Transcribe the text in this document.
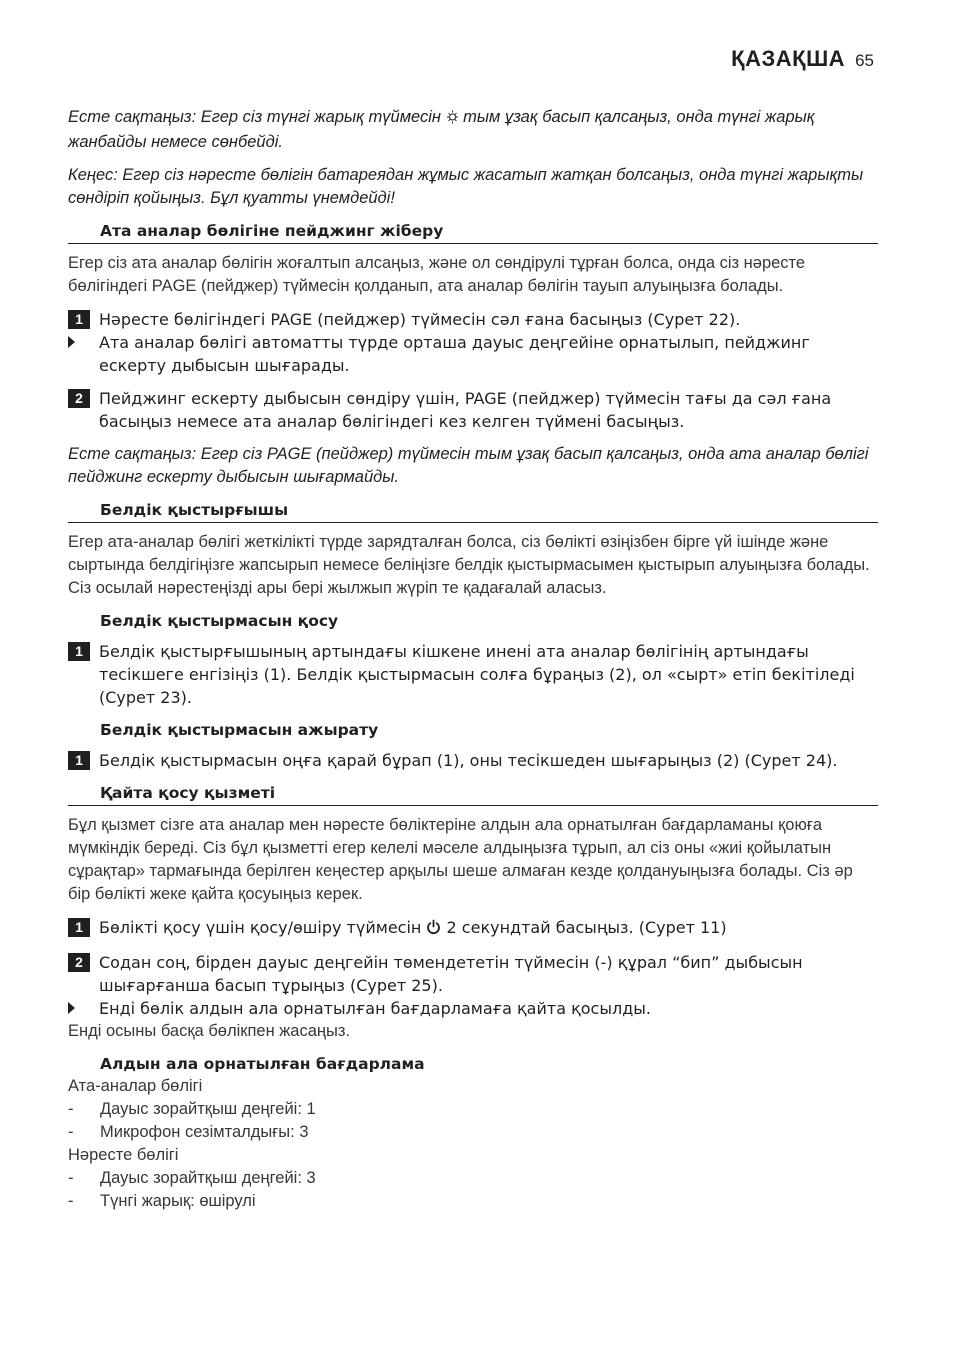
ҚАЗАҚША 65

Есте сақтаңыз: Егер сіз түнгі жарық түймесін  тым ұзақ басып қалсаңыз, онда түнгі жарық жанбайды немесе сөнбейді.

Кеңес: Егер сіз нәресте бөлігін батареядан жұмыс жасатып жатқан болсаңыз, онда түнгі жарықты сөндіріп қойыңыз. Бұл қуатты үнемдейді!

Ата аналар бөлігіне пейджинг жіберу

Егер сіз ата аналар бөлігін жоғалтып алсаңыз, және ол сөндірулі тұрған болса, онда сіз нәресте бөлігіндегі PAGE (пейджер) түймесін қолданып, ата аналар бөлігін тауып алуыңызға болады.

1	Нәресте бөлігіндегі PAGE (пейджер) түймесін сәл ғана басыңыз (Сурет 22).
Ата аналар бөлігі автоматты түрде орташа дауыс деңгейіне орнатылып, пейджинг ескерту дыбысын шығарады.
2	Пейджинг ескерту дыбысын сөндіру үшін, PAGE (пейджер) түймесін тағы да сәл ғана басыңыз немесе ата аналар бөлігіндегі кез келген түймені басыңыз.

Есте сақтаңыз: Егер сіз PAGE (пейджер) түймесін тым ұзақ басып қалсаңыз, онда ата аналар бөлігі пейджинг ескерту дыбысын шығармайды.

Белдік қыстырғышы

Егер ата-аналар бөлігі жеткілікті түрде зарядталған болса, сіз бөлікті өзіңізбен бірге үй ішінде және сыртында белдігіңізге жапсырып немесе беліңізге белдік қыстырмасымен қыстырып алуыңызға болады. Сіз осылай нәрестеңізді ары бері жылжып жүріп те қадағалай аласыз.

Белдік қыстырмасын қосу
1	Белдік қыстырғышының артындағы кішкене инені ата аналар бөлігінің артындағы тесікшеге енгізіңіз (1). Белдік қыстырмасын солға бұраңыз (2), ол «сырт» етіп бекітіледі (Сурет 23).
Белдік қыстырмасын ажырату
1	Белдік қыстырмасын оңға қарай бұрап (1), оны тесікшеден шығарыңыз (2) (Сурет 24).
Қайта қосу қызметі

Бұл қызмет сізге ата аналар мен нәресте бөліктеріне алдын ала орнатылған бағдарламаны қоюға мүмкіндік береді. Сіз бұл қызметті егер келелі мәселе алдыңызға тұрып, ал сіз оны «жиі қойылатын сұрақтар» тармағында берілген кеңестер арқылы шеше алмаған кезде қолдануыңызға болады. Сіз әр бір бөлікті жеке қайта қосуыңыз керек.

1	Бөлікті қосу үшін қосу/өшіру түймесін  2 секундтай басыңыз. (Сурет 11)
2	Содан соң, бірден дауыс деңгейін төмендететін түймесін (-) құрал “бип” дыбысын шығарғанша басып тұрыңыз (Сурет 25).
Енді бөлік алдын ала орнатылған бағдарламаға қайта қосылды.

Енді осыны басқа бөлікпен жасаңыз.

Алдын ала орнатылған бағдарлама

Ата-аналар бөлігі

-	Дауыс зорайтқыш деңгейі: 1
-	Микрофон сезімталдығы: 3

Нәресте бөлігі

-	Дауыс зорайтқыш деңгейі: 3
-	Түнгі жарық: өшірулі
